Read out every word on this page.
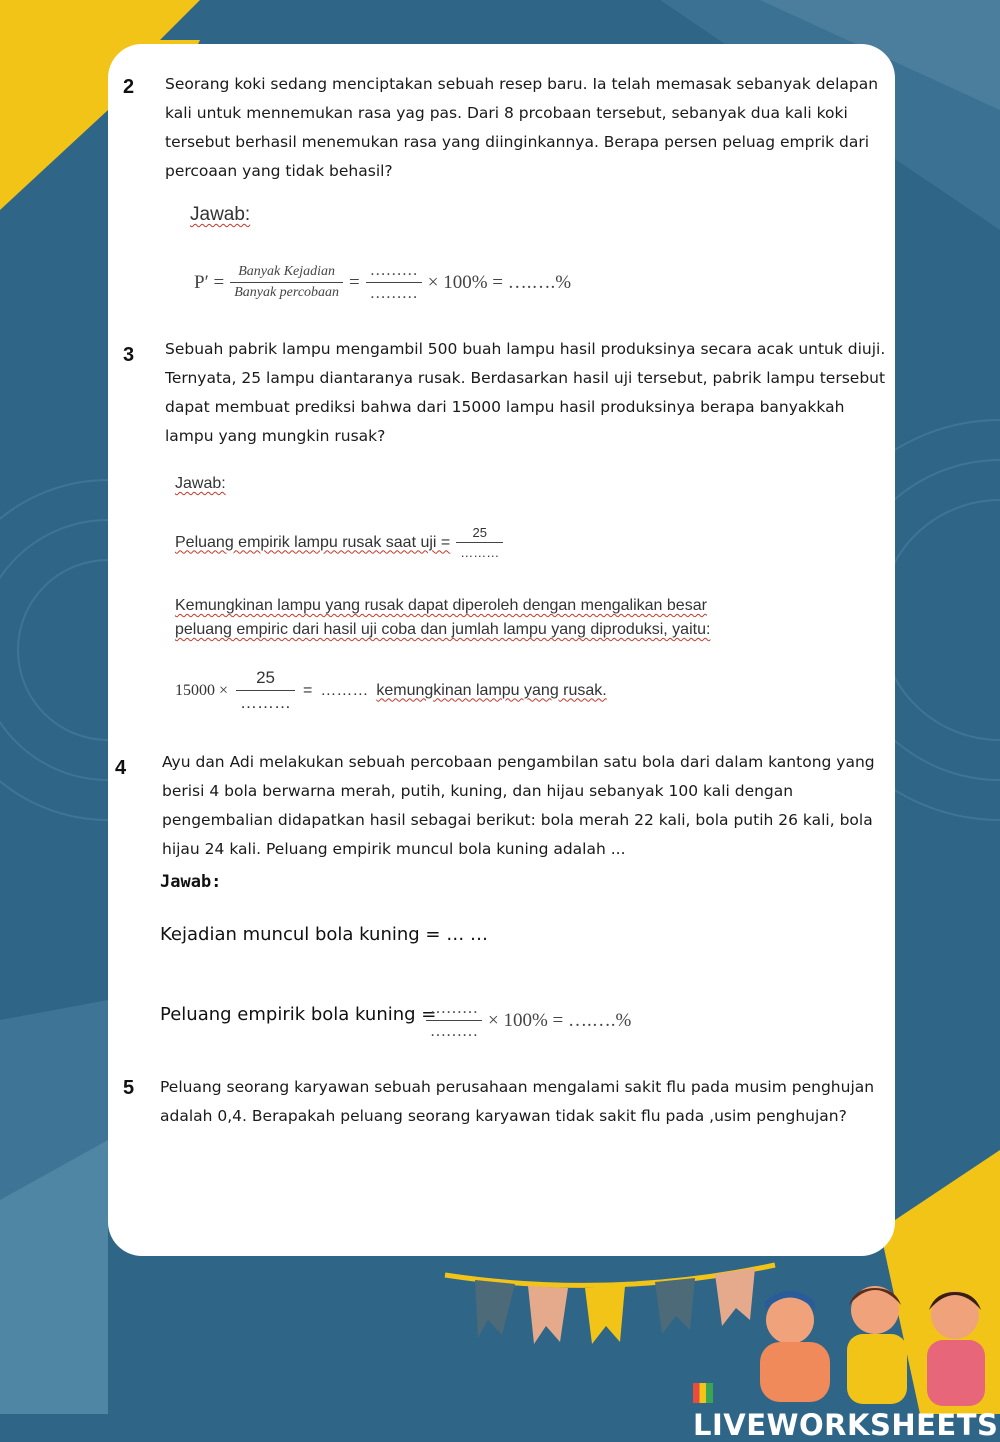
2 Seorang koki sedang menciptakan sebuah resep baru. Ia telah memasak sebanyak delapan kali untuk mennemukan rasa yag pas. Dari 8 prcobaan tersebut, sebanyak dua kali koki tersebut berhasil menemukan rasa yang diinginkannya. Berapa persen peluag emprik dari percoaan yang tidak behasil?
Jawab:
$P' = \frac{\text{Banyak Kejadian}}{\text{Banyak percobaan}} = \frac{\dots\dots\dots}{\dots\dots\dots} \times 100\%$ = ….….%
3 Sebuah pabrik lampu mengambil 500 buah lampu hasil produksinya secara acak untuk diuji. Ternyata, 25 lampu diantaranya rusak. Berdasarkan hasil uji tersebut, pabrik lampu tersebut dapat membuat prediksi bahwa dari 15000 lampu hasil produksinya berapa banyakkah lampu yang mungkin rusak?
Jawab:
Peluang empirik lampu rusak saat uji = $\frac{25}{\dots\dots\dots}$
Kemungkinan lampu yang rusak dapat diperoleh dengan mengalikan besar
peluang empiric dari hasil uji coba dan jumlah lampu yang diproduksi, yaitu:
$15000 \times \frac{25}{\dots\dots\dots}$ = ……… kemungkinan lampu yang rusak.
4 Ayu dan Adi melakukan sebuah percobaan pengambilan satu bola dari dalam kantong yang berisi 4 bola berwarna merah, putih, kuning, dan hijau sebanyak 100 kali dengan pengembalian didapatkan hasil sebagai berikut: bola merah 22 kali, bola putih 26 kali, bola hijau 24 kali. Peluang empirik muncul bola kuning adalah ...
Jawab:
Kejadian muncul bola kuning = … …
Peluang empirik bola kuning =
$\frac{\dots\dots\dots}{\dots\dots\dots} \times 100\%$ = ….….%
5 Peluang seorang karyawan sebuah perusahaan mengalami sakit flu pada musim penghujan adalah 0,4. Berapakah peluang seorang karyawan tidak sakit flu pada ,usim penghujan?
LIVEWORKSHEETS
